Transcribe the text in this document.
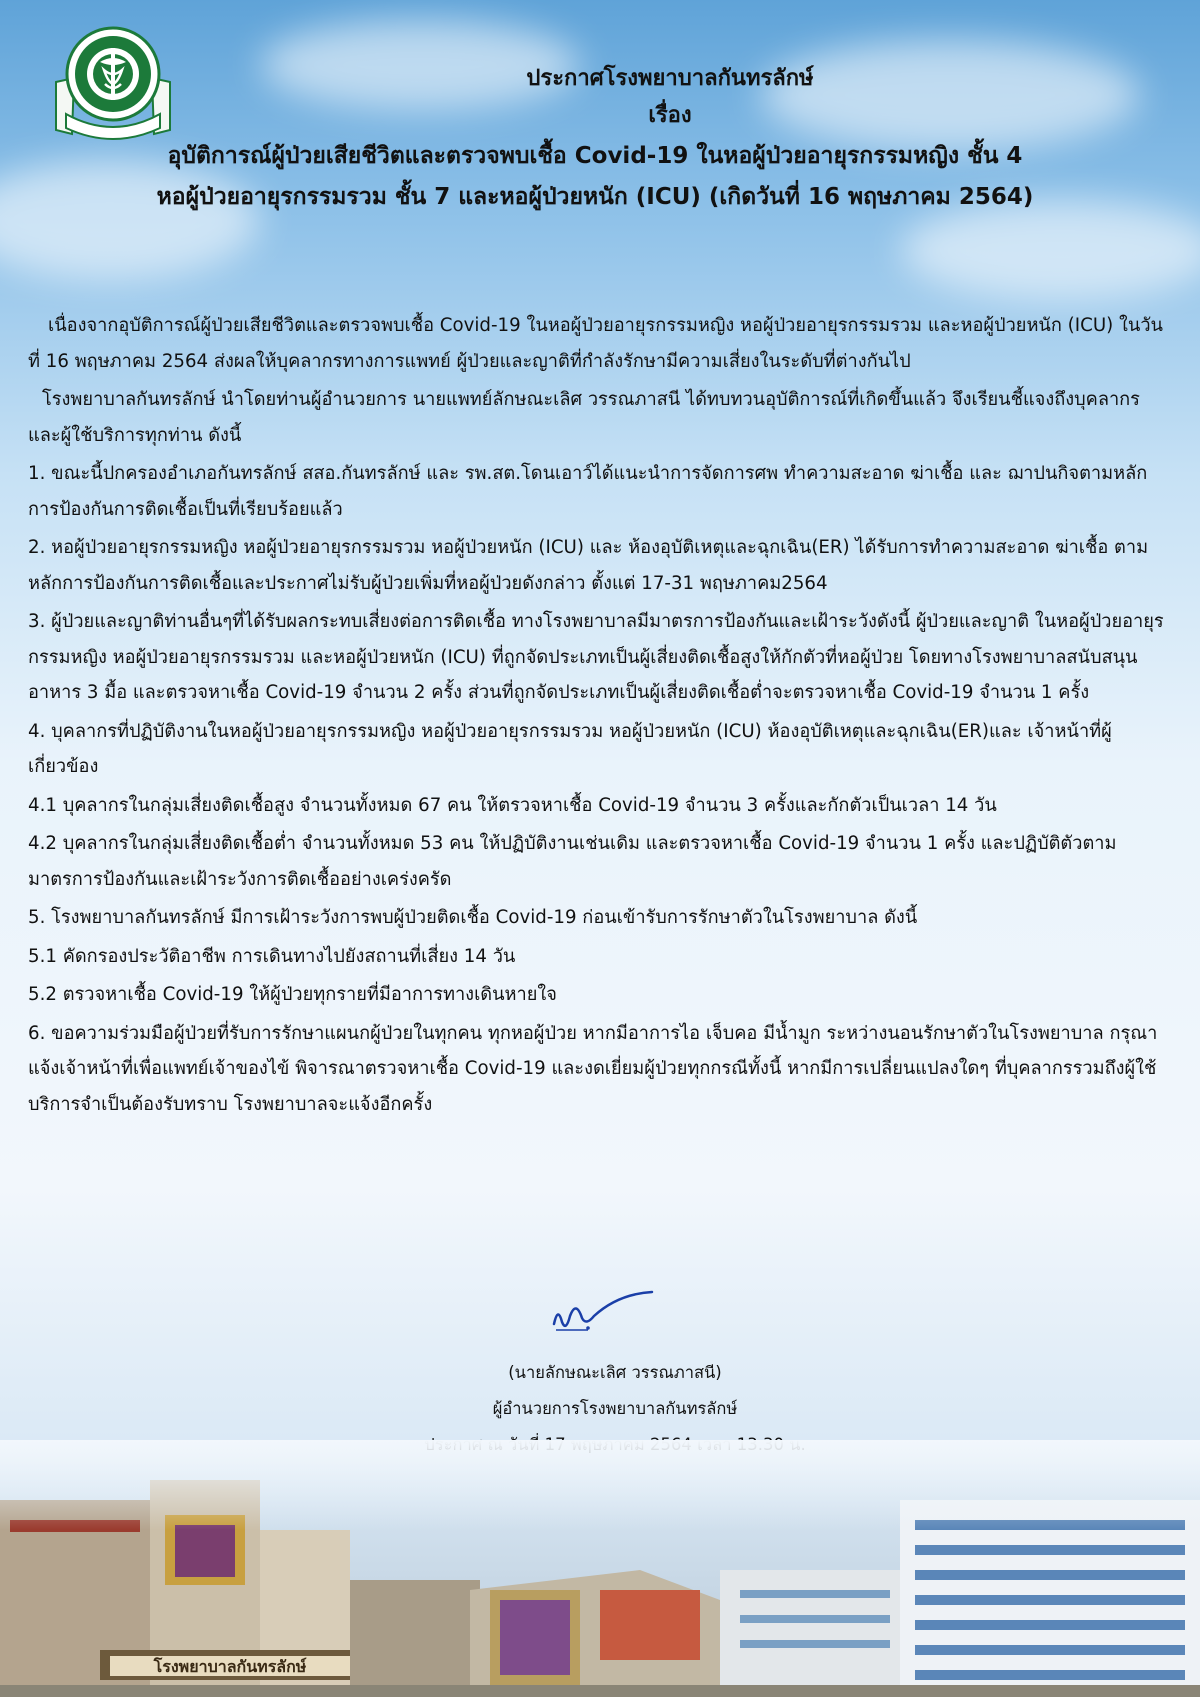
ประกาศโรงพยาบาลกันทรลักษ์
เรื่อง
อุบัติการณ์ผู้ป่วยเสียชีวิตและตรวจพบเชื้อ Covid-19 ในหอผู้ป่วยอายุรกรรมหญิง ชั้น 4
หอผู้ป่วยอายุรกรรมรวม ชั้น 7 และหอผู้ป่วยหนัก (ICU) (เกิดวันที่ 16 พฤษภาคม 2564)

เนื่องจากอุบัติการณ์ผู้ป่วยเสียชีวิตและตรวจพบเชื้อ Covid-19 ในหอผู้ป่วยอายุรกรรมหญิง หอผู้ป่วยอายุรกรรมรวม และหอผู้ป่วยหนัก (ICU) ในวันที่ 16 พฤษภาคม 2564 ส่งผลให้บุคลากรทางการแพทย์ ผู้ป่วยและญาติที่กำลังรักษามีความเสี่ยงในระดับที่ต่างกันไป

โรงพยาบาลกันทรลักษ์ นำโดยท่านผู้อำนวยการ นายแพทย์ลักษณะเลิศ วรรณภาสนี ได้ทบทวนอุบัติการณ์ที่เกิดขึ้นแล้ว จึงเรียนชี้แจงถึงบุคลากร และผู้ใช้บริการทุกท่าน ดังนี้

1. ขณะนี้ปกครองอำเภอกันทรลักษ์ สสอ.กันทรลักษ์ และ รพ.สต.โดนเอาว์ได้แนะนำการจัดการศพ ทำความสะอาด ฆ่าเชื้อ และ ฌาปนกิจตามหลักการป้องกันการติดเชื้อเป็นที่เรียบร้อยแล้ว

2. หอผู้ป่วยอายุรกรรมหญิง หอผู้ป่วยอายุรกรรมรวม หอผู้ป่วยหนัก (ICU) และ ห้องอุบัติเหตุและฉุกเฉิน(ER) ได้รับการทำความสะอาด ฆ่าเชื้อ ตามหลักการป้องกันการติดเชื้อและประกาศไม่รับผู้ป่วยเพิ่มที่หอผู้ป่วยดังกล่าว ตั้งแต่ 17-31 พฤษภาคม2564

3. ผู้ป่วยและญาติท่านอื่นๆที่ได้รับผลกระทบเสี่ยงต่อการติดเชื้อ ทางโรงพยาบาลมีมาตรการป้องกันและเฝ้าระวังดังนี้ ผู้ป่วยและญาติ ในหอผู้ป่วยอายุรกรรมหญิง หอผู้ป่วยอายุรกรรมรวม และหอผู้ป่วยหนัก (ICU) ที่ถูกจัดประเภทเป็นผู้เสี่ยงติดเชื้อสูงให้กักตัวที่หอผู้ป่วย โดยทางโรงพยาบาลสนับสนุนอาหาร 3 มื้อ และตรวจหาเชื้อ Covid-19 จำนวน 2 ครั้ง ส่วนที่ถูกจัดประเภทเป็นผู้เสี่ยงติดเชื้อต่ำจะตรวจหาเชื้อ Covid-19 จำนวน 1 ครั้ง

4. บุคลากรที่ปฏิบัติงานในหอผู้ป่วยอายุรกรรมหญิง หอผู้ป่วยอายุรกรรมรวม หอผู้ป่วยหนัก (ICU) ห้องอุบัติเหตุและฉุกเฉิน(ER)และ เจ้าหน้าที่ผู้เกี่ยวข้อง

4.1 บุคลากรในกลุ่มเสี่ยงติดเชื้อสูง จำนวนทั้งหมด 67 คน ให้ตรวจหาเชื้อ Covid-19 จำนวน 3 ครั้งและกักตัวเป็นเวลา 14 วัน

4.2 บุคลากรในกลุ่มเสี่ยงติดเชื้อต่ำ จำนวนทั้งหมด 53 คน ให้ปฏิบัติงานเช่นเดิม และตรวจหาเชื้อ Covid-19 จำนวน 1 ครั้ง และปฏิบัติตัวตามมาตรการป้องกันและเฝ้าระวังการติดเชื้ออย่างเคร่งครัด

5. โรงพยาบาลกันทรลักษ์ มีการเฝ้าระวังการพบผู้ป่วยติดเชื้อ Covid-19 ก่อนเข้ารับการรักษาตัวในโรงพยาบาล ดังนี้

5.1 คัดกรองประวัติอาชีพ การเดินทางไปยังสถานที่เสี่ยง 14 วัน

5.2 ตรวจหาเชื้อ Covid-19 ให้ผู้ป่วยทุกรายที่มีอาการทางเดินหายใจ

6. ขอความร่วมมือผู้ป่วยที่รับการรักษาแผนกผู้ป่วยในทุกคน ทุกหอผู้ป่วย หากมีอาการไอ เจ็บคอ มีน้ำมูก ระหว่างนอนรักษาตัวในโรงพยาบาล กรุณาแจ้งเจ้าหน้าที่เพื่อแพทย์เจ้าของไข้ พิจารณาตรวจหาเชื้อ Covid-19 และงดเยี่ยมผู้ป่วยทุกกรณีทั้งนี้ หากมีการเปลี่ยนแปลงใดๆ ที่บุคลากรรวมถึงผู้ใช้บริการจำเป็นต้องรับทราบ โรงพยาบาลจะแจ้งอีกครั้ง

(นายลักษณะเลิศ วรรณภาสนี)
ผู้อำนวยการโรงพยาบาลกันทรลักษ์
โรงพยาบาลกันทรลักษ์
